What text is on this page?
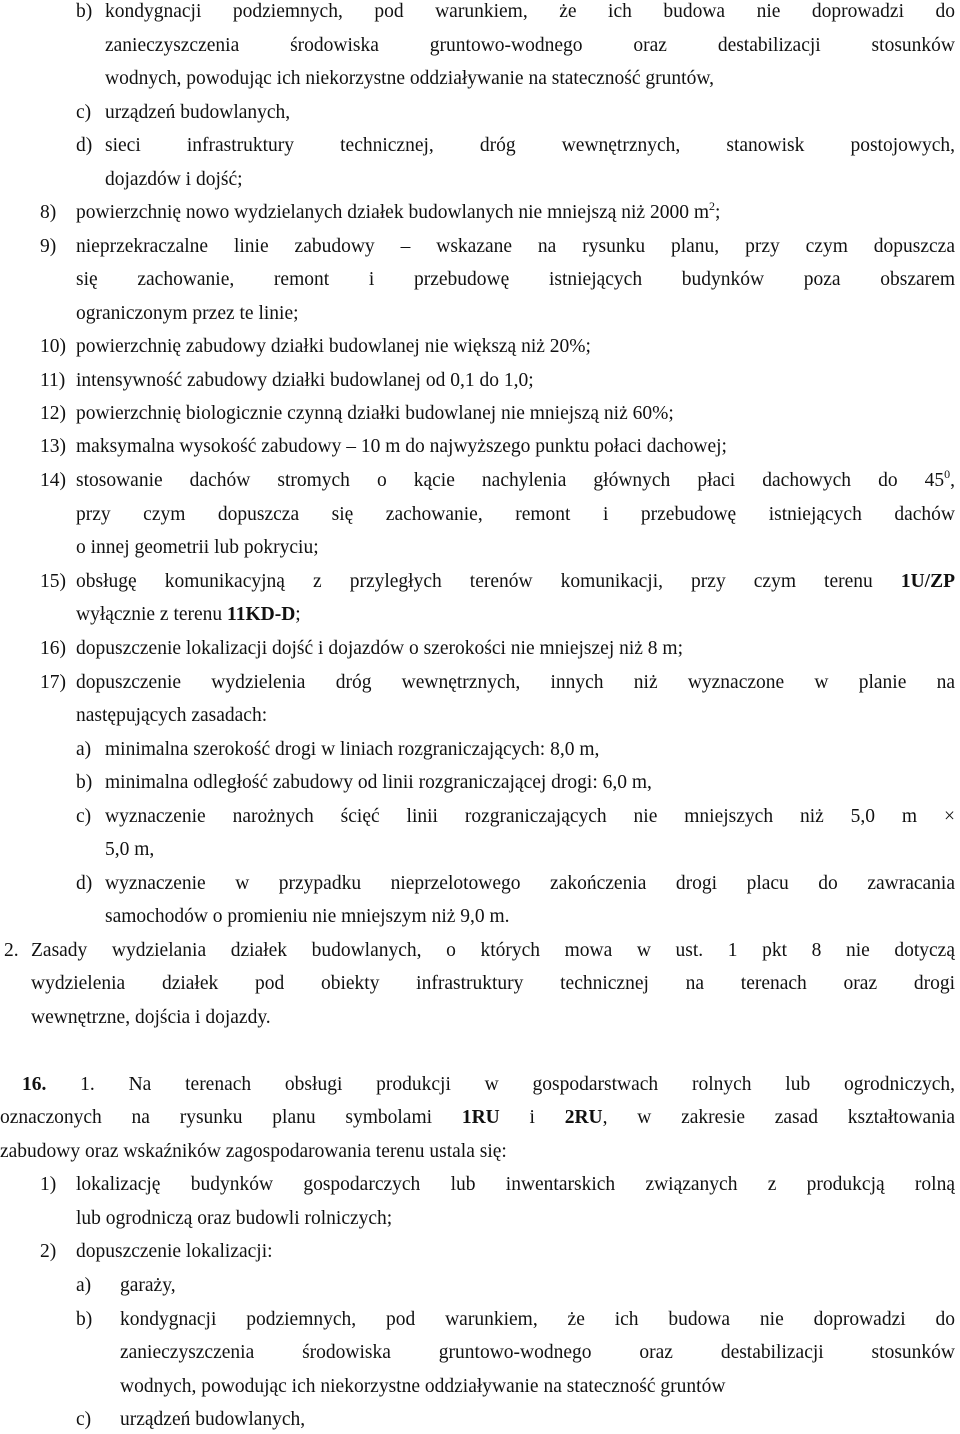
b) kondygnacji podziemnych, pod warunkiem, że ich budowa nie doprowadzi do
zanieczyszczenia środowiska gruntowo-wodnego oraz destabilizacji stosunków
wodnych, powodując ich niekorzystne oddziaływanie na stateczność gruntów,
c) urządzeń budowlanych,
d) sieci infrastruktury technicznej, dróg wewnętrznych, stanowisk postojowych,
dojazdów i dojść;
8) powierzchnię nowo wydzielanych działek budowlanych nie mniejszą niż 2000 $m^2$;
9) nieprzekraczalne linie zabudowy – wskazane na rysunku planu, przy czym dopuszcza
się zachowanie, remont i przebudowę istniejących budynków poza obszarem
ograniczonym przez te linie;
10) powierzchnię zabudowy działki budowlanej nie większą niż 20%;
11) intensywność zabudowy działki budowlanej od 0,1 do 1,0;
12) powierzchnię biologicznie czynną działki budowlanej nie mniejszą niż 60%;
13) maksymalna wysokość zabudowy – 10 m do najwyższego punktu połaci dachowej;
14) stosowanie dachów stromych o kącie nachylenia głównych płaci dachowych do $45^0$,
przy czym dopuszcza się zachowanie, remont i przebudowę istniejących dachów
o innej geometrii lub pokryciu;
15) obsługę komunikacyjną z przyległych terenów komunikacji, przy czym terenu 1U/ZP
wyłącznie z terenu 11KD-D;
16) dopuszczenie lokalizacji dojść i dojazdów o szerokości nie mniejszej niż 8 m;
17) dopuszczenie wydzielenia dróg wewnętrznych, innych niż wyznaczone w planie na
następujących zasadach:
a) minimalna szerokość drogi w liniach rozgraniczających: 8,0 m,
b) minimalna odległość zabudowy od linii rozgraniczającej drogi: 6,0 m,
c) wyznaczenie narożnych ścięć linii rozgraniczających nie mniejszych niż 5,0 m ×
5,0 m,
d) wyznaczenie w przypadku nieprzelotowego zakończenia drogi placu do zawracania
samochodów o promieniu nie mniejszym niż 9,0 m.
2. Zasady wydzielania działek budowlanych, o których mowa w ust. 1 pkt 8 nie dotyczą
wydzielenia działek pod obiekty infrastruktury technicznej na terenach oraz drogi
wewnętrzne, dojścia i dojazdy.
16. 1. Na terenach obsługi produkcji w gospodarstwach rolnych lub ogrodniczych,
oznaczonych na rysunku planu symbolami 1RU i 2RU, w zakresie zasad kształtowania
zabudowy oraz wskaźników zagospodarowania terenu ustala się:
1) lokalizację budynków gospodarczych lub inwentarskich związanych z produkcją rolną
lub ogrodniczą oraz budowli rolniczych;
2) dopuszczenie lokalizacji:
a) garaży,
b) kondygnacji podziemnych, pod warunkiem, że ich budowa nie doprowadzi do
zanieczyszczenia środowiska gruntowo-wodnego oraz destabilizacji stosunków
wodnych, powodując ich niekorzystne oddziaływanie na stateczność gruntów
c) urządzeń budowlanych,
